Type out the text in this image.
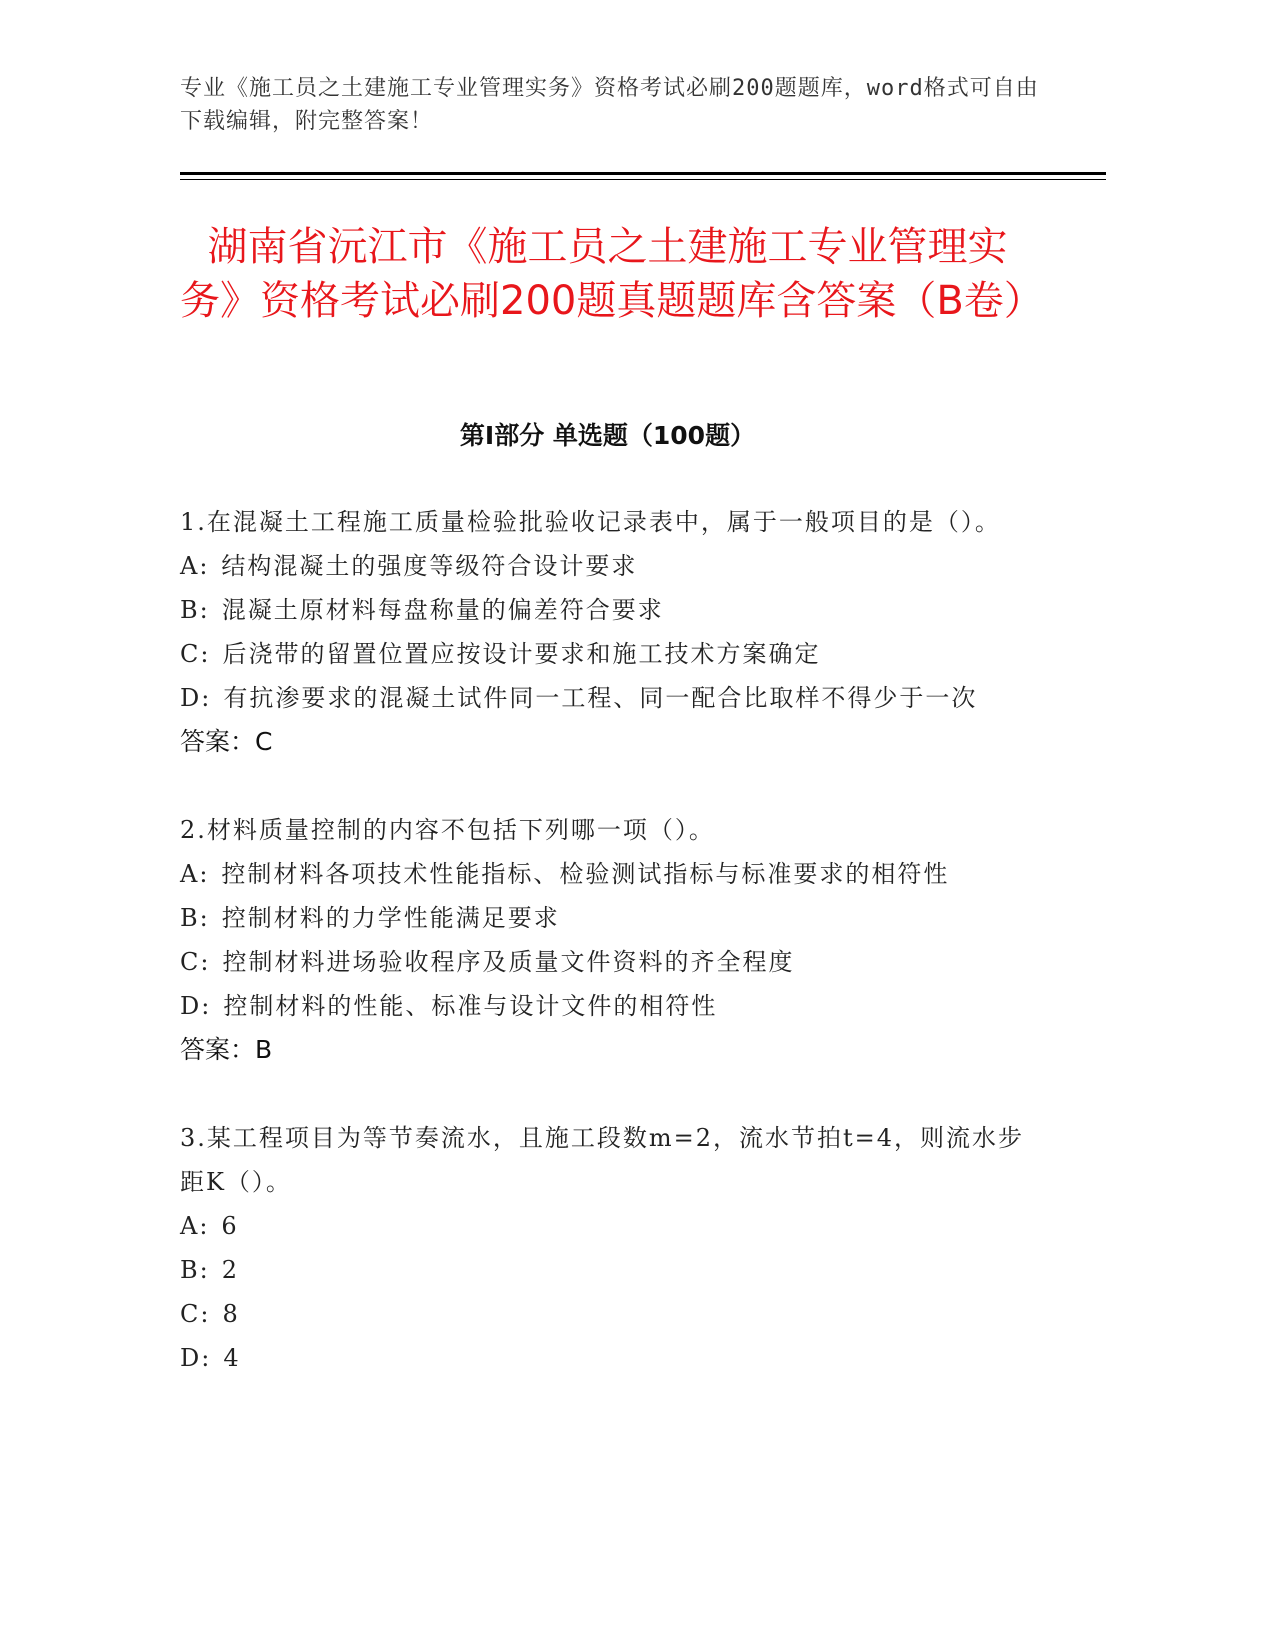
专业《施工员之土建施工专业管理实务》资格考试必刷200题题库，word格式可自由下载编辑，附完整答案！
湖南省沅江市《施工员之土建施工专业管理实务》资格考试必刷200题真题题库含答案（B卷）
第Ⅰ部分 单选题（100题）

1.在混凝土工程施工质量检验批验收记录表中，属于一般项目的是（）。

A: 结构混凝土的强度等级符合设计要求

B: 混凝土原材料每盘称量的偏差符合要求

C: 后浇带的留置位置应按设计要求和施工技术方案确定

D: 有抗渗要求的混凝土试件同一工程、同一配合比取样不得少于一次

答案：C

2.材料质量控制的内容不包括下列哪一项（）。

A: 控制材料各项技术性能指标、检验测试指标与标准要求的相符性

B: 控制材料的力学性能满足要求

C: 控制材料进场验收程序及质量文件资料的齐全程度

D: 控制材料的性能、标准与设计文件的相符性

答案：B

3.某工程项目为等节奏流水，且施工段数m=2，流水节拍t=4，则流水步距K（）。

A: 6

B: 2

C: 8

D: 4
